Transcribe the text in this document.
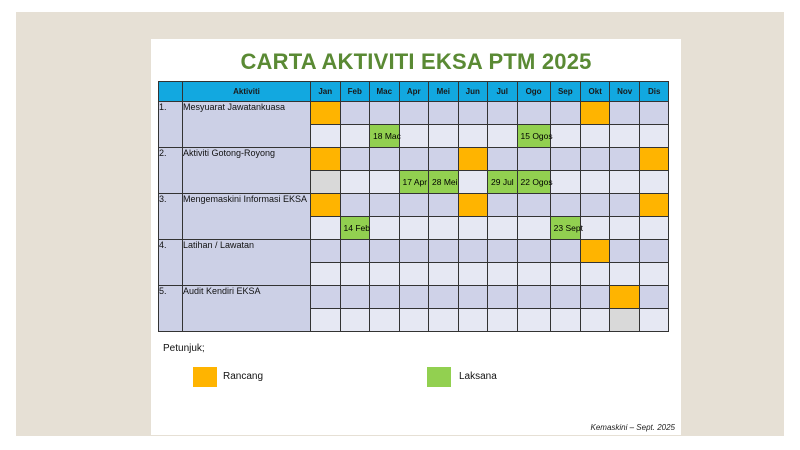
CARTA AKTIVITI EKSA PTM 2025
	Aktiviti	Jan	Feb	Mac	Apr	Mei	Jun	Jul	Ogo	Sep	Okt	Nov	Dis
1.	Mesyuarat Jawatankuasa												
				18 Mac					15 Ogos				
2.	Aktiviti Gotong-Royong												
					17 Apr	28 Mei		29 Jul	22 Ogos				
3.	Mengemaskini Informasi EKSA												
			14 Feb							23 Sept			
4.	Latihan / Lawatan												

5.	Audit Kendiri EKSA												

Petunjuk;
Rancang	Laksana
Kemaskini – Sept. 2025
